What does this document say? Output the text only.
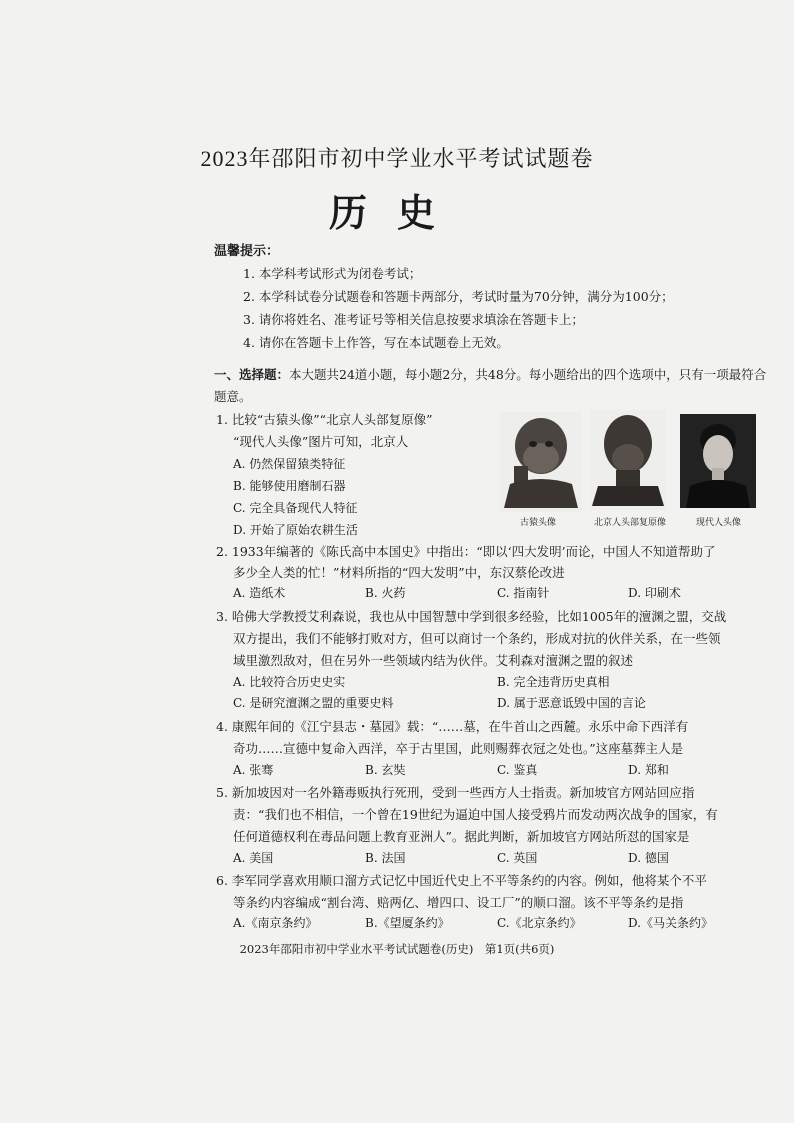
2023年邵阳市初中学业水平考试试题卷
历史
温馨提示：
1. 本学科考试形式为闭卷考试；
2. 本学科试卷分试题卷和答题卡两部分，考试时量为70分钟，满分为100分；
3. 请你将姓名、准考证号等相关信息按要求填涂在答题卡上；
4. 请你在答题卡上作答，写在本试题卷上无效。
一、选择题：本大题共24道小题，每小题2分，共48分。每小题给出的四个选项中，只有一项最符合题意。
1. 比较“古猿头像”“北京人头部复原像”
“现代人头像”图片可知，北京人
A. 仍然保留猿类特征
B. 能够使用磨制石器
C. 完全具备现代人特征
D. 开始了原始农耕生活	古猿头像	北京人头部复原像	现代人头像
2. 1933年编著的《陈氏高中本国史》中指出：“即以‘四大发明’而论，中国人不知道帮助了
多少全人类的忙！”材料所指的“四大发明”中，东汉蔡伦改进
A. 造纸术	B. 火药	C. 指南针	D. 印刷术
3. 哈佛大学教授艾利森说，我也从中国智慧中学到很多经验，比如1005年的澶渊之盟，交战
双方提出，我们不能够打败对方，但可以商讨一个条约，形成对抗的伙伴关系，在一些领
域里激烈敌对，但在另外一些领域内结为伙伴。艾利森对澶渊之盟的叙述
A. 比较符合历史史实	B. 完全违背历史真相
C. 是研究澶渊之盟的重要史料	D. 属于恶意诋毁中国的言论
4. 康熙年间的《江宁县志・墓园》载：“……墓，在牛首山之西麓。永乐中命下西洋有
奇功……宣德中复命入西洋，卒于古里国，此则赐葬衣冠之处也。”这座墓葬主人是
A. 张骞	B. 玄奘	C. 鉴真	D. 郑和
5. 新加坡因对一名外籍毒贩执行死刑，受到一些西方人士指责。新加坡官方网站回应指
责：“我们也不相信，一个曾在19世纪为逼迫中国人接受鸦片而发动两次战争的国家，有
任何道德权利在毒品问题上教育亚洲人”。据此判断，新加坡官方网站所怼的国家是
A. 美国	B. 法国	C. 英国	D. 德国
6. 李军同学喜欢用顺口溜方式记忆中国近代史上不平等条约的内容。例如，他将某个不平
等条约内容编成“割台湾、赔两亿、增四口、设工厂”的顺口溜。该不平等条约是指
A.《南京条约》	B.《望厦条约》	C.《北京条约》	D.《马关条约》
2023年邵阳市初中学业水平考试试题卷(历史)　第1页(共6页)
